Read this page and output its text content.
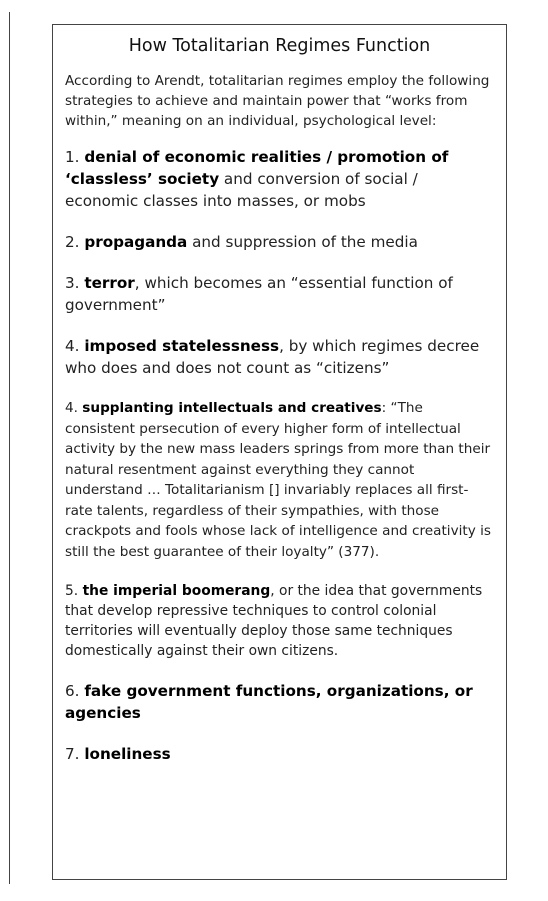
How Totalitarian Regimes Function
According to Arendt, totalitarian regimes employ the following strategies to achieve and maintain power that “works from within,” meaning on an individual, psychological level:
1. denial of economic realities / promotion of ‘classless’ society and conversion of social / economic classes into masses, or mobs
2. propaganda and suppression of the media
3. terror, which becomes an “essential function of government”
4. imposed statelessness, by which regimes decree who does and does not count as “citizens”
4. supplanting intellectuals and creatives: “The consistent persecution of every higher form of intellectual activity by the new mass leaders springs from more than their natural resentment against everything they cannot understand … Totalitarianism [] invariably replaces all first-rate talents, regardless of their sympathies, with those crackpots and fools whose lack of intelligence and creativity is still the best guarantee of their loyalty” (377).
5. the imperial boomerang, or the idea that governments that develop repressive techniques to control colonial territories will eventually deploy those same techniques domestically against their own citizens.
6. fake government functions, organizations, or agencies
7. loneliness
